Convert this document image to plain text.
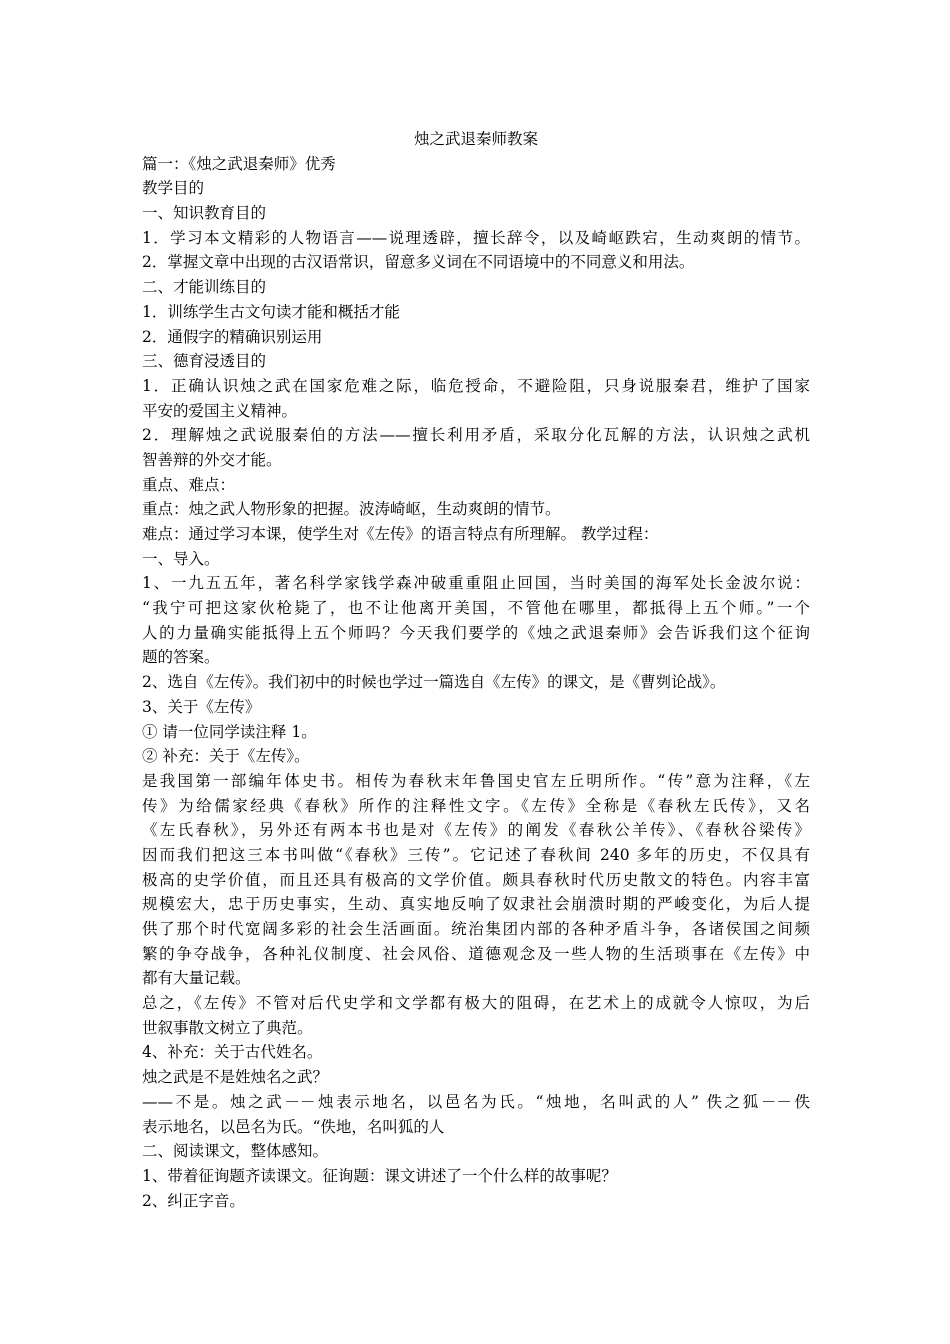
烛之武退秦师教案
篇一：《烛之武退秦师》优秀
教学目的
一、知识教育目的
1．学习本文精彩的人物语言——说理透辟，擅长辞令，以及崎岖跌宕，生动爽朗的情节。
2．掌握文章中出现的古汉语常识，留意多义词在不同语境中的不同意义和用法。
二、才能训练目的
1．训练学生古文句读才能和概括才能
2．通假字的精确识别运用
三、德育浸透目的
1．正确认识烛之武在国家危难之际，临危授命，不避险阻，只身说服秦君，维护了国家
平安的爱国主义精神。
2．理解烛之武说服秦伯的方法——擅长利用矛盾，采取分化瓦解的方法，认识烛之武机
智善辩的外交才能。
重点、难点：
重点：烛之武人物形象的把握。波涛崎岖，生动爽朗的情节。
难点：通过学习本课，使学生对《左传》的语言特点有所理解。 教学过程：
一、导入。
1、一九五五年，著名科学家钱学森冲破重重阻止回国，当时美国的海军处长金波尔说：
“我宁可把这家伙枪毙了，也不让他离开美国，不管他在哪里，都抵得上五个师。”一个
人的力量确实能抵得上五个师吗？今天我们要学的《烛之武退秦师》会告诉我们这个征询
题的答案。
2、选自《左传》。我们初中的时候也学过一篇选自《左传》的课文，是《曹刿论战》。
3、关于《左传》
① 请一位同学读注释 1。
② 补充：关于《左传》。
是我国第一部编年体史书。相传为春秋末年鲁国史官左丘明所作。“传”意为注释，《左
传》为给儒家经典《春秋》所作的注释性文字。《左传》全称是《春秋左氏传》，又名
《左氏春秋》，另外还有两本书也是对《左传》的阐发《春秋公羊传》、《春秋谷梁传》
因而我们把这三本书叫做“《春秋》三传”。它记述了春秋间 240 多年的历史，不仅具有
极高的史学价值，而且还具有极高的文学价值。颇具春秋时代历史散文的特色。内容丰富
规模宏大，忠于历史事实，生动、真实地反响了奴隶社会崩溃时期的严峻变化，为后人提
供了那个时代宽阔多彩的社会生活画面。统治集团内部的各种矛盾斗争，各诸侯国之间频
繁的争夺战争，各种礼仪制度、社会风俗、道德观念及一些人物的生活琐事在《左传》中
都有大量记载。
总之，《左传》不管对后代史学和文学都有极大的阻碍，在艺术上的成就令人惊叹，为后
世叙事散文树立了典范。
4、补充：关于古代姓名。
烛之武是不是姓烛名之武？
——不是。烛之武－－烛表示地名，以邑名为氏。“烛地，名叫武的人” 佚之狐－－佚
表示地名，以邑名为氏。“佚地，名叫狐的人
二、阅读课文，整体感知。
1、带着征询题齐读课文。征询题：课文讲述了一个什么样的故事呢？
2、纠正字音。
